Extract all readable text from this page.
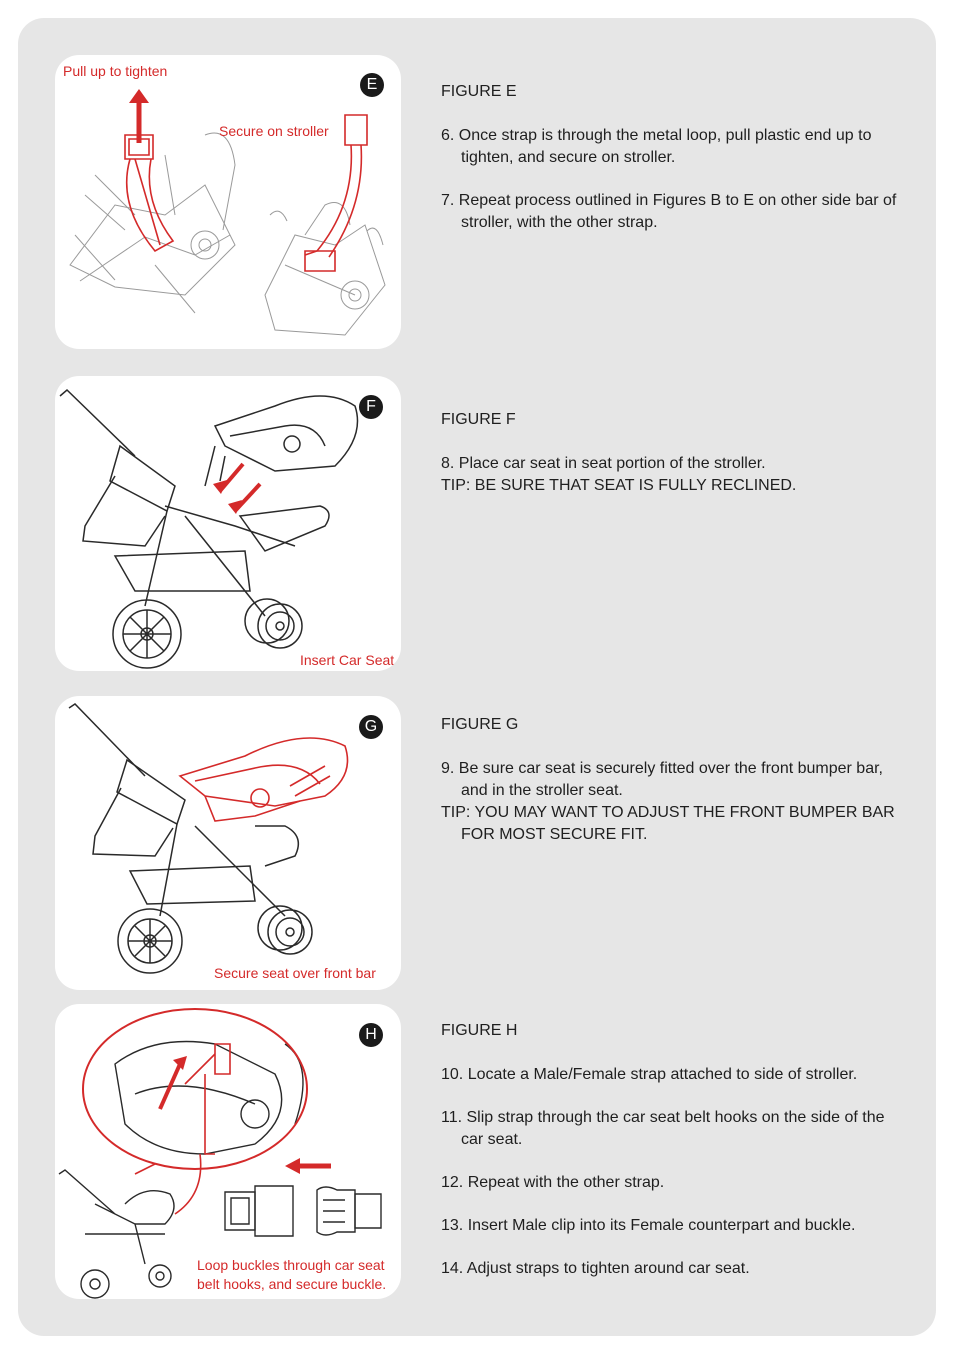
Pull up to tighten
Secure on stroller
E	FIGURE E

6. Once strap is through the metal loop, pull plastic end up to tighten, and secure on stroller.

7. Repeat process outlined in Figures B to E on other side bar of stroller, with the other strap.

Insert Car Seat
F

FIGURE F

8. Place car seat in seat portion of the stroller.

TIP: BE SURE THAT SEAT IS FULLY RECLINED.

Secure seat over front bar
G	FIGURE G

9. Be sure car seat is securely fitted over the front bumper bar, and in the stroller seat.

TIP: YOU MAY WANT TO ADJUST THE FRONT BUMPER BAR FOR MOST SECURE FIT.

Loop buckles through car seat
belt hooks, and secure buckle.
H	FIGURE H

10. Locate a Male/Female strap attached to side of stroller.

11. Slip strap through the car seat belt hooks on the side of the car seat.

12. Repeat with the other strap.

13. Insert Male clip into its Female counterpart and buckle.

14. Adjust straps to tighten around car seat.
